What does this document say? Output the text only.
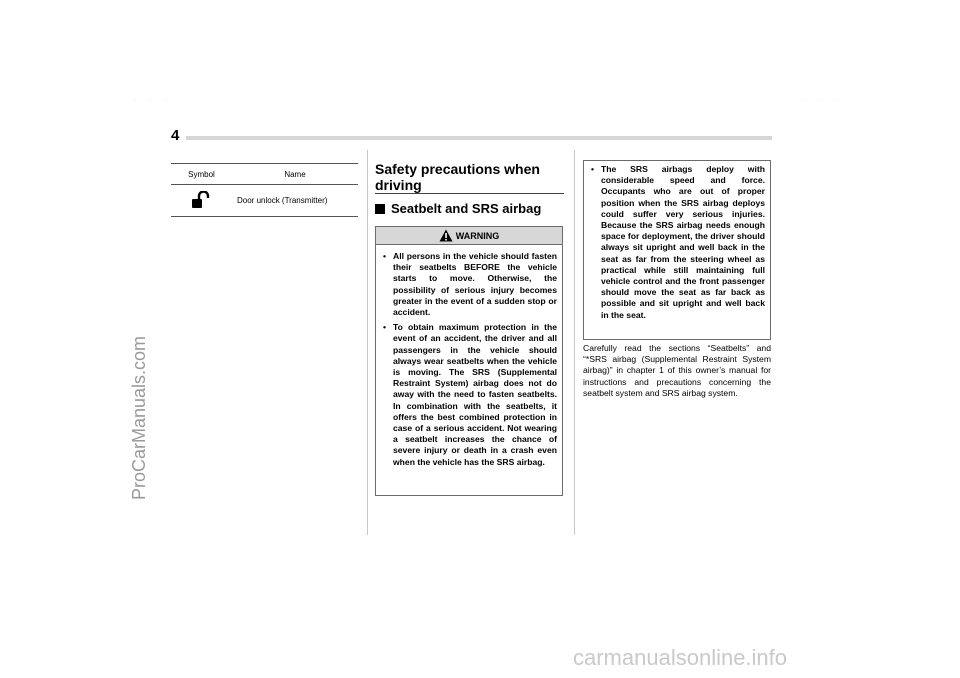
· · ·	· · ·
4
ProCarManuals.com
carmanualsonline.info
Symbol	Name
Door unlock (Transmitter)
Safety precautions when driving
Seatbelt and SRS airbag
WARNING
• All persons in the vehicle should fasten their seatbelts BEFORE the vehicle starts to move. Otherwise, the possibility of serious injury becomes greater in the event of a sudden stop or accident.
• To obtain maximum protection in the event of an accident, the driver and all passengers in the vehicle should always wear seatbelts when the vehicle is moving. The SRS (Supplemental Restraint System) airbag does not do away with the need to fasten seatbelts. In combination with the seatbelts, it offers the best combined protection in case of a serious accident. Not wearing a seatbelt increases the chance of severe injury or death in a crash even when the vehicle has the SRS airbag.
• The SRS airbags deploy with considerable speed and force. Occupants who are out of proper position when the SRS airbag deploys could suffer very serious injuries. Because the SRS airbag needs enough space for deployment, the driver should always sit upright and well back in the seat as far from the steering wheel as practical while still maintaining full vehicle control and the front passenger should move the seat as far back as possible and sit upright and well back in the seat.
Carefully read the sections “Seatbelts” and “*SRS airbag (Supplemental Restraint System airbag)” in chapter 1 of this owner’s manual for instructions and precautions concerning the seatbelt system and SRS airbag system.
